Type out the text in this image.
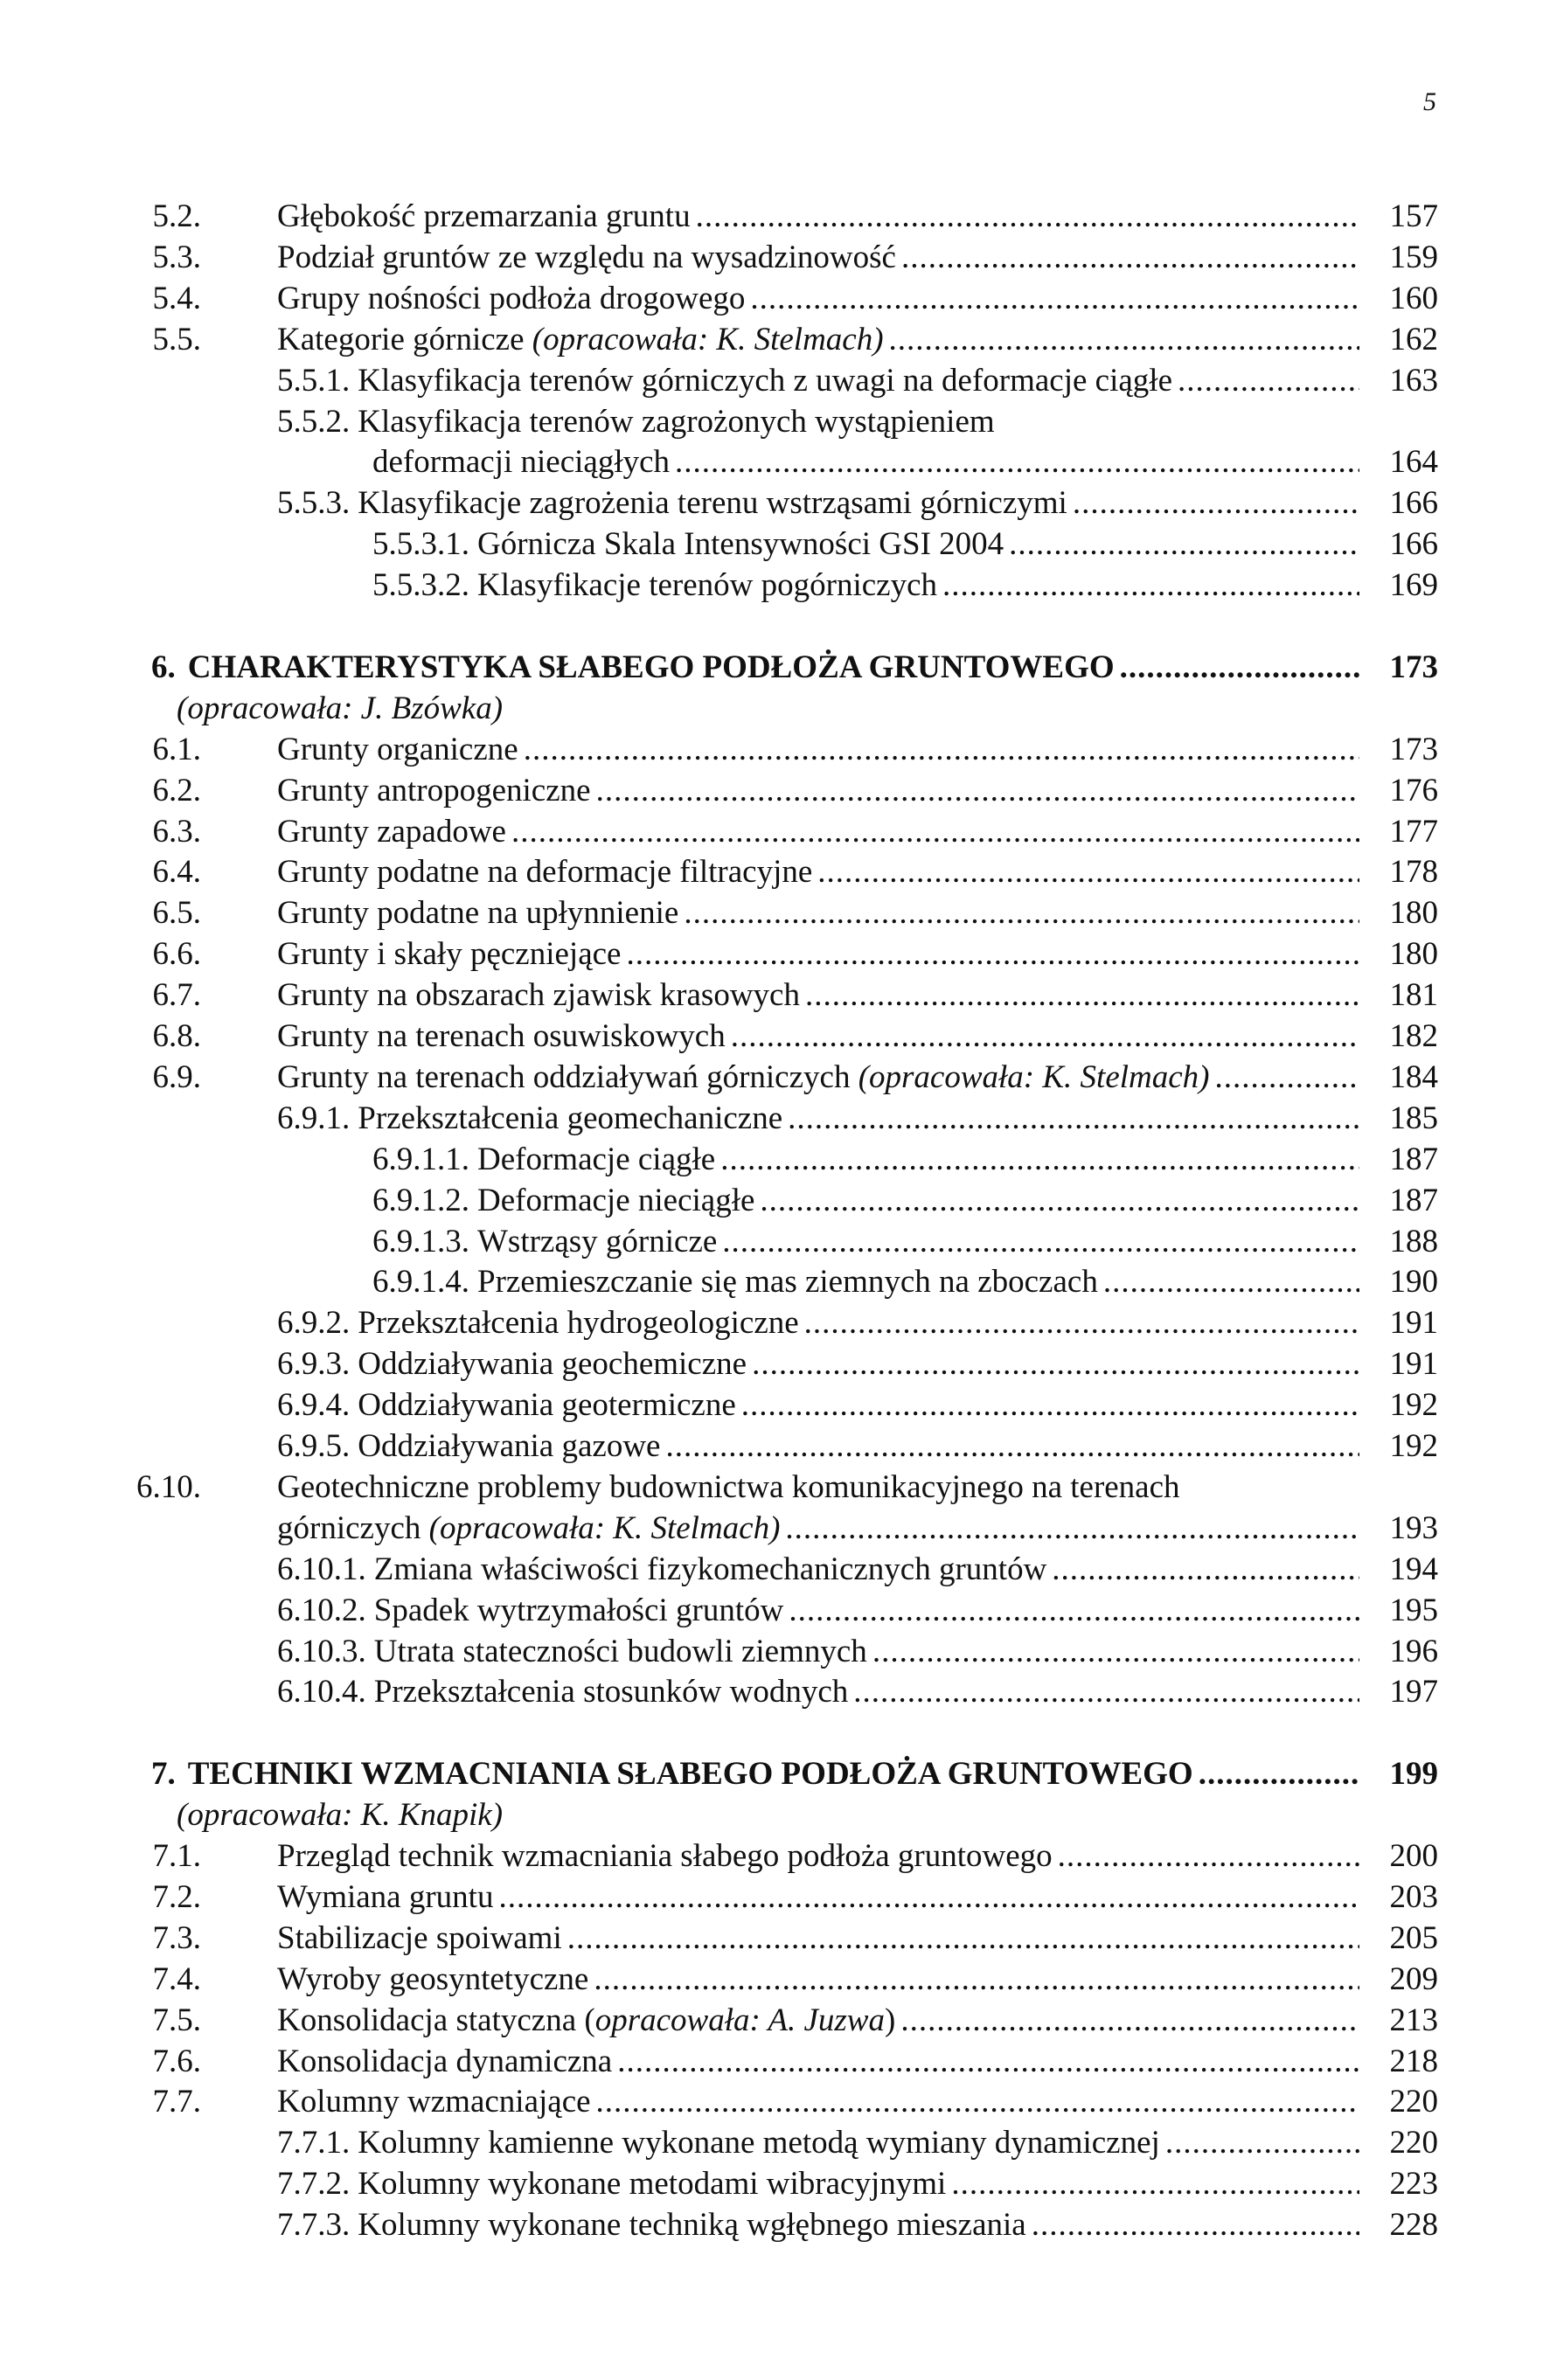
5
5.2. Głębokość przemarzania gruntu .....	157
5.3. Podział gruntów ze względu na wysadzinowość .....	159
5.4. Grupy nośności podłoża drogowego .....	160
5.5. Kategorie górnicze (opracowała: K. Stelmach) .....	162
5.5.1. Klasyfikacja terenów górniczych z uwagi na deformacje ciągłe .....	163
5.5.2. Klasyfikacja terenów zagrożonych wystąpieniem
deformacji nieciągłych .....	164
5.5.3. Klasyfikacje zagrożenia terenu wstrząsami górniczymi .....	166
5.5.3.1. Górnicza Skala Intensywności GSI 2004 .....	166
5.5.3.2. Klasyfikacje terenów pogórniczych .....	169
6. CHARAKTERYSTYKA SŁABEGO PODŁOŻA GRUNTOWEGO .....	173
(opracowała: J. Bzówka)
6.1. Grunty organiczne .....	173
6.2. Grunty antropogeniczne .....	176
6.3. Grunty zapadowe .....	177
6.4. Grunty podatne na deformacje filtracyjne .....	178
6.5. Grunty podatne na upłynnienie .....	180
6.6. Grunty i skały pęczniejące .....	180
6.7. Grunty na obszarach zjawisk krasowych .....	181
6.8. Grunty na terenach osuwiskowych .....	182
6.9. Grunty na terenach oddziaływań górniczych (opracowała: K. Stelmach) .....	184
6.9.1. Przekształcenia geomechaniczne .....	185
6.9.1.1. Deformacje ciągłe .....	187
6.9.1.2. Deformacje nieciągłe .....	187
6.9.1.3. Wstrząsy górnicze .....	188
6.9.1.4. Przemieszczanie się mas ziemnych na zboczach .....	190
6.9.2. Przekształcenia hydrogeologiczne .....	191
6.9.3. Oddziaływania geochemiczne .....	191
6.9.4. Oddziaływania geotermiczne .....	192
6.9.5. Oddziaływania gazowe .....	192
6.10. Geotechniczne problemy budownictwa komunikacyjnego na terenach
górniczych (opracowała: K. Stelmach) .....	193
6.10.1. Zmiana właściwości fizykomechanicznych gruntów .....	194
6.10.2. Spadek wytrzymałości gruntów .....	195
6.10.3. Utrata stateczności budowli ziemnych .....	196
6.10.4. Przekształcenia stosunków wodnych .....	197
7. TECHNIKI WZMACNIANIA SŁABEGO PODŁOŻA GRUNTOWEGO .....	199
(opracowała: K. Knapik)
7.1. Przegląd technik wzmacniania słabego podłoża gruntowego .....	200
7.2. Wymiana gruntu .....	203
7.3. Stabilizacje spoiwami .....	205
7.4. Wyroby geosyntetyczne .....	209
7.5. Konsolidacja statyczna (opracowała: A. Juzwa) .....	213
7.6. Konsolidacja dynamiczna .....	218
7.7. Kolumny wzmacniające .....	220
7.7.1. Kolumny kamienne wykonane metodą wymiany dynamicznej .....	220
7.7.2. Kolumny wykonane metodami wibracyjnymi .....	223
7.7.3. Kolumny wykonane techniką wgłębnego mieszania .....	228
